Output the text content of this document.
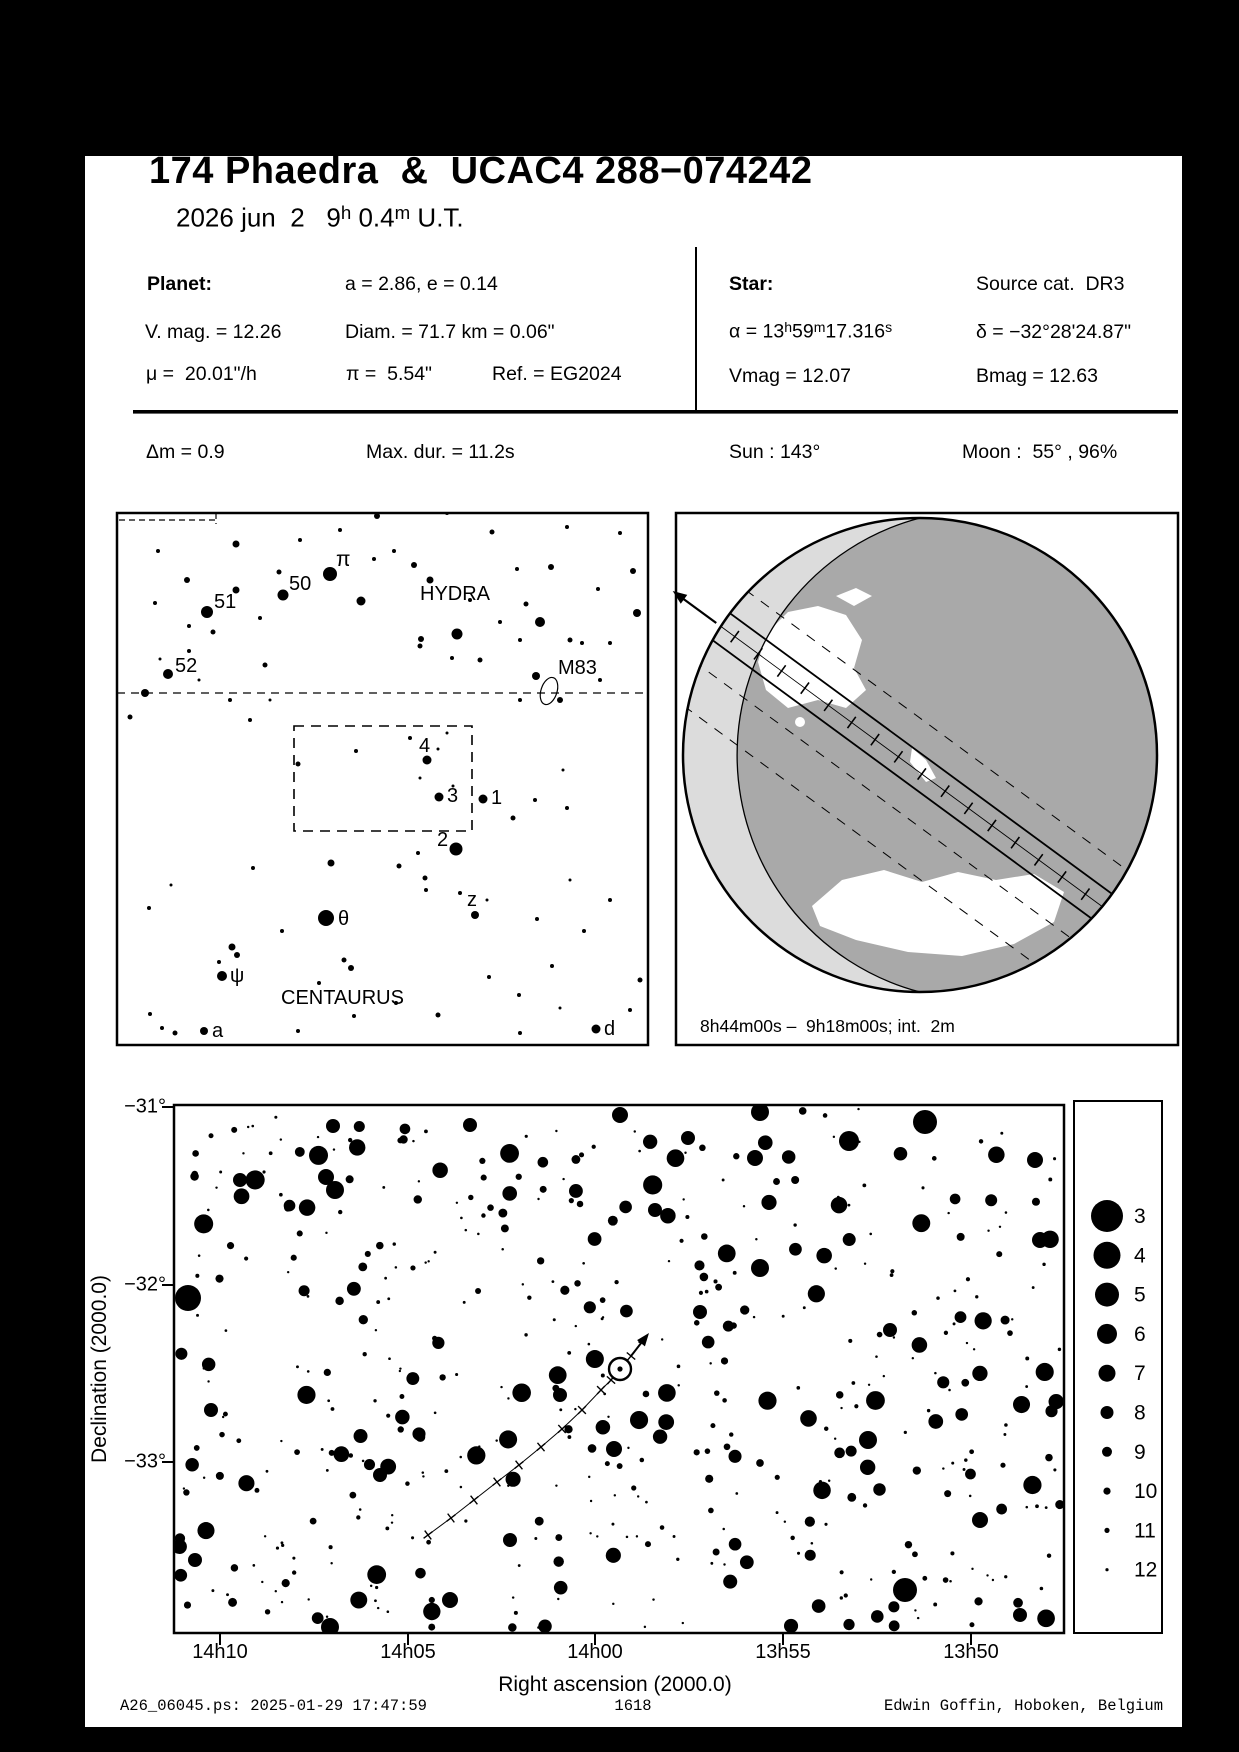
174 Phaedra  &  UCAC4 288−074242
2026 jun  2   9$^h$ 0.4$^m$ U.T.
Planet:	a = 2.86, e = 0.14
V. mag. = 12.26	Diam. = 71.7 km = 0.06"
μ =  20.01"/h	π =  5.54"	Ref. = EG2024
Star:	Source cat.  DR3
$\alpha = 13^h59^m17.316^s$	δ = −32°28'24.87"
Vmag = 12.07	Bmag = 12.63
Δm = 0.9	Max. dur. = 11.2s	Sun : 143°	Moon :  55° , 96%
8h44m00s –  9h18m00s; int.  2m
14h10	14h05	14h00	13h55	13h50
−31°
−32°
−33°
Right ascension (2000.0)
Declination (2000.0)
A26_06045.ps: 2025-01-29 17:47:59	1618	Edwin Goffin, Hoboken, Belgium
HYDRA
CENTAURUS
M83
π
50
51
52
4
3 1
2
z
θ
ψ
a	d
3
4
5
6
7
8
9
10
11
12
